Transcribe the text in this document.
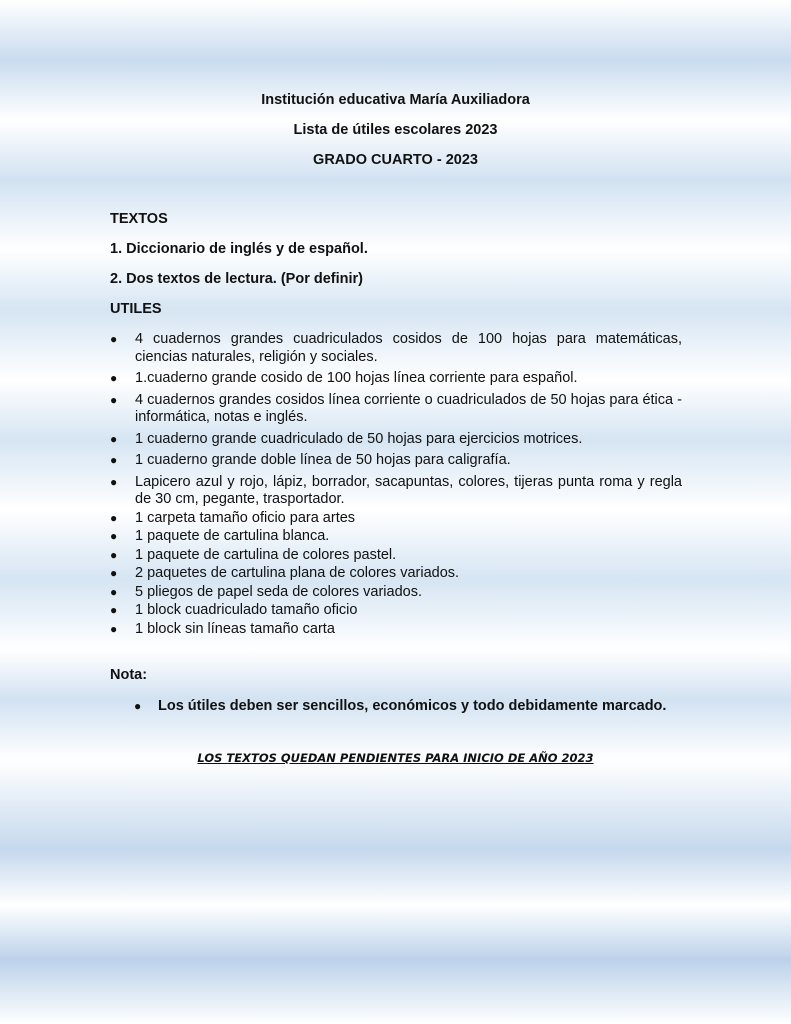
Institución educativa María Auxiliadora
Lista de útiles escolares 2023
GRADO CUARTO - 2023
TEXTOS
1. Diccionario de inglés y de español.
2. Dos textos de lectura. (Por definir)
UTILES
● 4 cuadernos grandes cuadriculados cosidos de 100 hojas para matemáticas, ciencias naturales, religión y sociales.
● 1.cuaderno grande cosido de 100 hojas línea corriente para español.
● 4 cuadernos grandes cosidos línea corriente o cuadriculados de 50 hojas para ética - informática, notas e inglés.
● 1 cuaderno grande cuadriculado de 50 hojas para ejercicios motrices.
● 1 cuaderno grande doble línea de 50 hojas para caligrafía.
● Lapicero azul y rojo, lápiz, borrador, sacapuntas, colores, tijeras punta roma y regla de 30 cm, pegante, trasportador.
● 1 carpeta tamaño oficio para artes
● 1 paquete de cartulina blanca.
● 1 paquete de cartulina de colores pastel.
● 2 paquetes de cartulina plana de colores variados.
● 5 pliegos de papel seda de colores variados.
● 1 block cuadriculado tamaño oficio
● 1 block sin líneas tamaño carta
Nota:
● Los útiles deben ser sencillos, económicos y todo debidamente marcado.
LOS TEXTOS QUEDAN PENDIENTES PARA INICIO DE AÑO 2023
